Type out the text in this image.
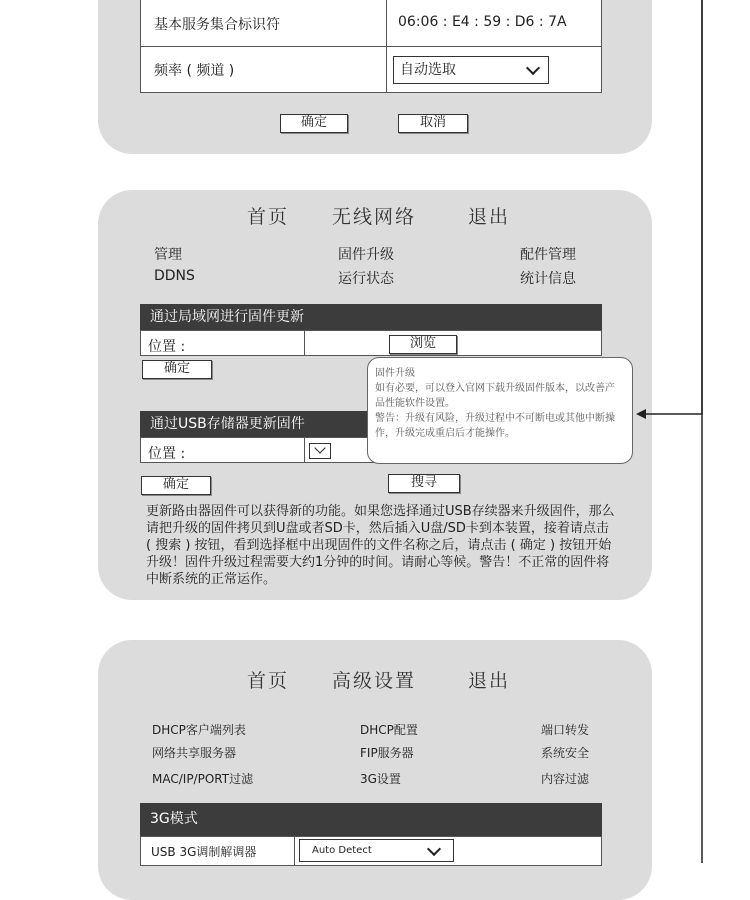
基本服务集合标识符	06:06 : E4 : 59 : D6 : 7A
频率 ( 频道 )	自动选取
确定	取消
首页 无线网络	退出
管理	固件升级	配件管理
DDNS	运行状态	统计信息
通过局域网进行固件更新
位置 :	浏览
确定
通过USB存储器更新固件
位置 :
确定	搜寻
更新路由器固件可以获得新的功能。如果您选择通过USB存续器来升级固件，那么请把升级的固件拷贝到U盘或者SD卡，然后插入U盘/SD卡到本装置，接着请点击 ( 搜索 ) 按钮，看到选择框中出现固件的文件名称之后，请点击 ( 确定 ) 按钮开始升级！固件升级过程需要大约1分钟的时间。请耐心等候。警告！不正常的固件将中断系统的正常运作。
固件升级
如有必要，可以登入官网下载升级固件版本，以改善产品性能软件设置。
警告：升级有风险，升级过程中不可断电或其他中断操作，升级完成重启后才能操作。
首页 高级设置	退出
DHCP客户端列表	DHCP配置	端口转发
网络共享服务器	FIP服务器	系统安全
MAC/IP/PORT过滤	3G设置	内容过滤
3G模式
USB 3G调制解调器	Auto Detect
